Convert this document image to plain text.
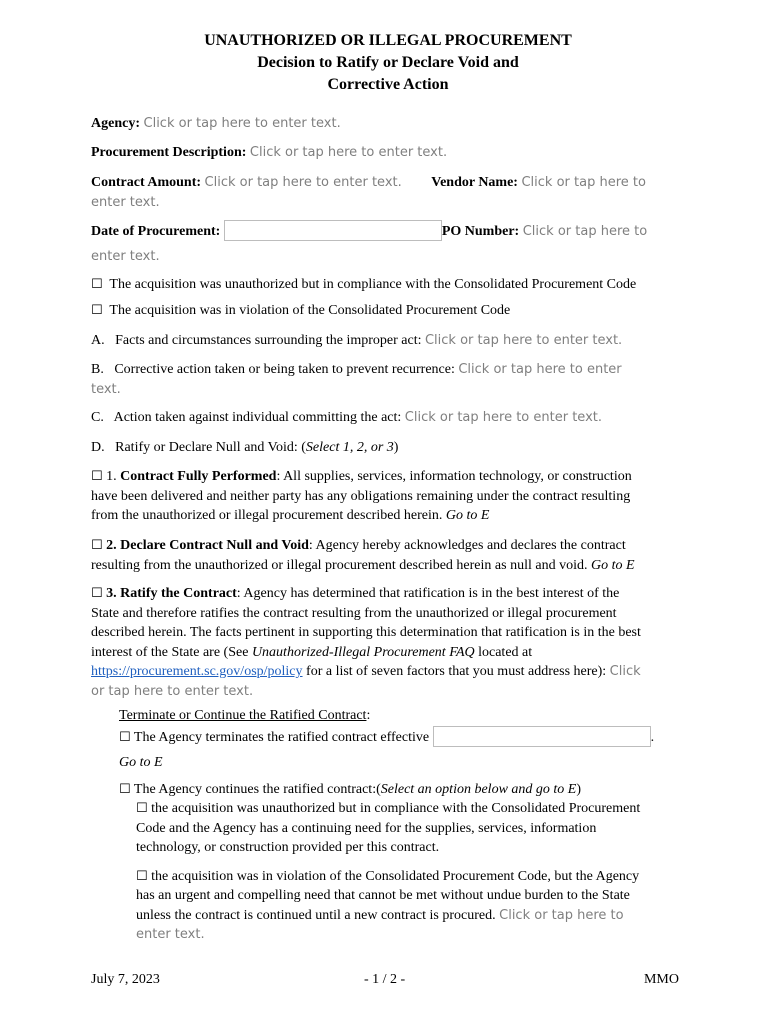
UNAUTHORIZED OR ILLEGAL PROCUREMENT
Decision to Ratify or Declare Void and
Corrective Action

Agency: Click or tap here to enter text.

Procurement Description: Click or tap here to enter text.

Contract Amount: Click or tap here to enter text. Vendor Name: Click or tap here to

enter text.

Date of Procurement:	PO Number: Click or tap here to

enter text.

☐ The acquisition was unauthorized but in compliance with the Consolidated Procurement Code

☐ The acquisition was in violation of the Consolidated Procurement Code

A. Facts and circumstances surrounding the improper act: Click or tap here to enter text.

B. Corrective action taken or being taken to prevent recurrence: Click or tap here to enter

text.

C. Action taken against individual committing the act: Click or tap here to enter text.

D. Ratify or Declare Null and Void: (Select 1, 2, or 3)

☐ 1. Contract Fully Performed: All supplies, services, information technology, or construction

have been delivered and neither party has any obligations remaining under the contract resulting

from the unauthorized or illegal procurement described herein. Go to E

☐ 2. Declare Contract Null and Void: Agency hereby acknowledges and declares the contract

resulting from the unauthorized or illegal procurement described herein as null and void. Go to E

☐ 3. Ratify the Contract: Agency has determined that ratification is in the best interest of the

State and therefore ratifies the contract resulting from the unauthorized or illegal procurement

described herein. The facts pertinent in supporting this determination that ratification is in the best

interest of the State are (See Unauthorized-Illegal Procurement FAQ located at

https://procurement.sc.gov/osp/policy for a list of seven factors that you must address here): Click

or tap here to enter text.

Terminate or Continue the Ratified Contract:

☐ The Agency terminates the ratified contract effective	.

Go to E

☐ The Agency continues the ratified contract:(Select an option below and go to E)

☐ the acquisition was unauthorized but in compliance with the Consolidated Procurement

Code and the Agency has a continuing need for the supplies, services, information

technology, or construction provided per this contract.

☐ the acquisition was in violation of the Consolidated Procurement Code, but the Agency

has an urgent and compelling need that cannot be met without undue burden to the State

unless the contract is continued until a new contract is procured. Click or tap here to

enter text.

July 7, 2023	- 1 / 2 -	MMO
